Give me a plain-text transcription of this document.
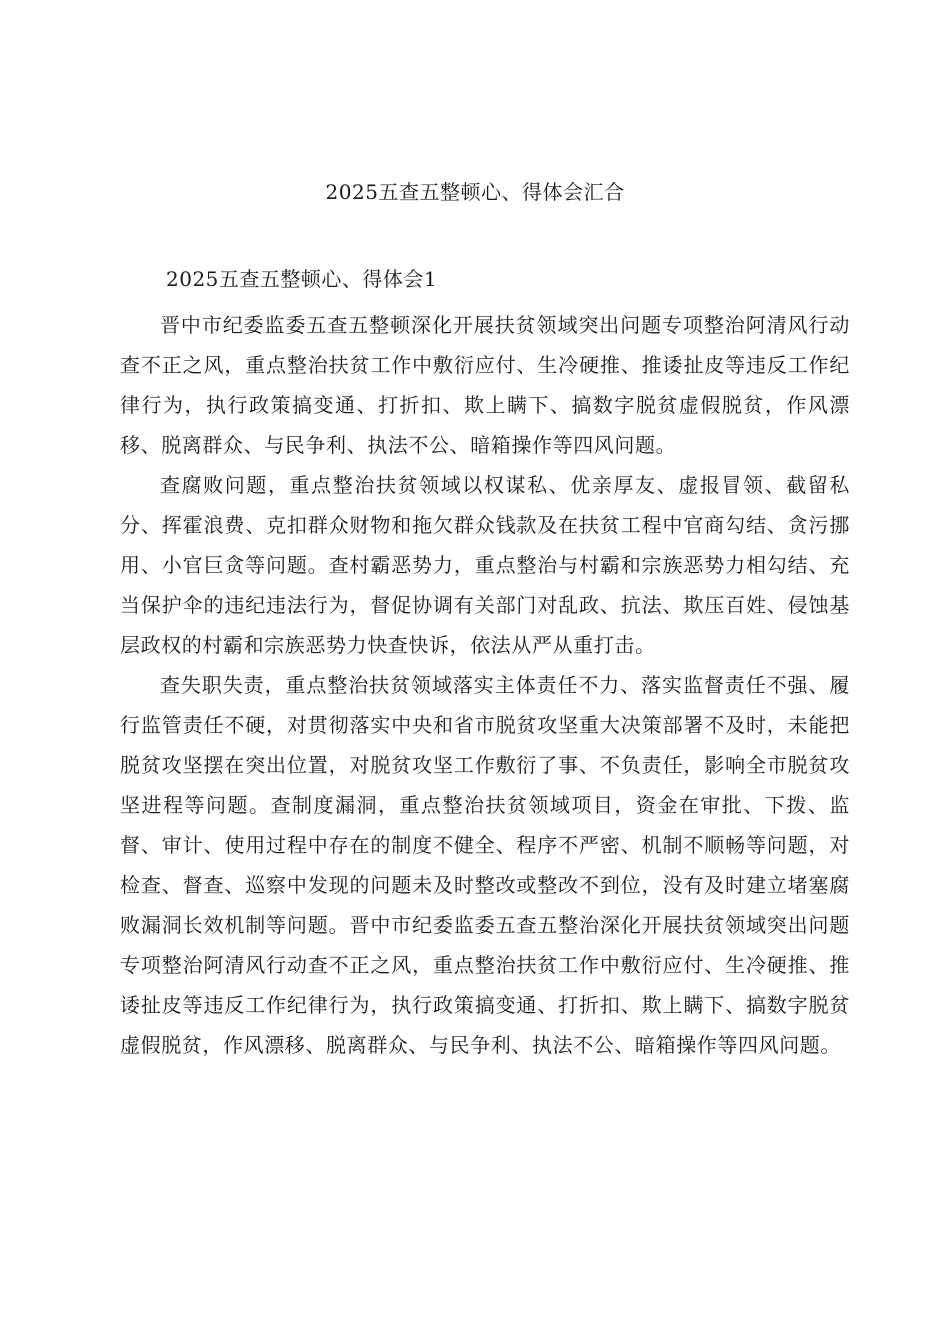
2025五查五整顿心、得体会汇合
2025五查五整顿心、得体会1

晋中市纪委监委五查五整顿深化开展扶贫领域突出问题专项整治阿清风行动查不正之风，重点整治扶贫工作中敷衍应付、生冷硬推、推诿扯皮等违反工作纪律行为，执行政策搞变通、打折扣、欺上瞒下、搞数字脱贫虚假脱贫，作风漂移、脱离群众、与民争利、执法不公、暗箱操作等四风问题。

查腐败问题，重点整治扶贫领域以权谋私、优亲厚友、虚报冒领、截留私分、挥霍浪费、克扣群众财物和拖欠群众钱款及在扶贫工程中官商勾结、贪污挪用、小官巨贪等问题。查村霸恶势力，重点整治与村霸和宗族恶势力相勾结、充当保护伞的违纪违法行为，督促协调有关部门对乱政、抗法、欺压百姓、侵蚀基层政权的村霸和宗族恶势力快查快诉，依法从严从重打击。

查失职失责，重点整治扶贫领域落实主体责任不力、落实监督责任不强、履行监管责任不硬，对贯彻落实中央和省市脱贫攻坚重大决策部署不及时，未能把脱贫攻坚摆在突出位置，对脱贫攻坚工作敷衍了事、不负责任，影响全市脱贫攻坚进程等问题。查制度漏洞，重点整治扶贫领域项目，资金在审批、下拨、监督、审计、使用过程中存在的制度不健全、程序不严密、机制不顺畅等问题，对检查、督查、巡察中发现的问题未及时整改或整改不到位，没有及时建立堵塞腐败漏洞长效机制等问题。晋中市纪委监委五查五整治深化开展扶贫领域突出问题专项整治阿清风行动查不正之风，重点整治扶贫工作中敷衍应付、生冷硬推、推诿扯皮等违反工作纪律行为，执行政策搞变通、打折扣、欺上瞒下、搞数字脱贫虚假脱贫，作风漂移、脱离群众、与民争利、执法不公、暗箱操作等四风问题。
